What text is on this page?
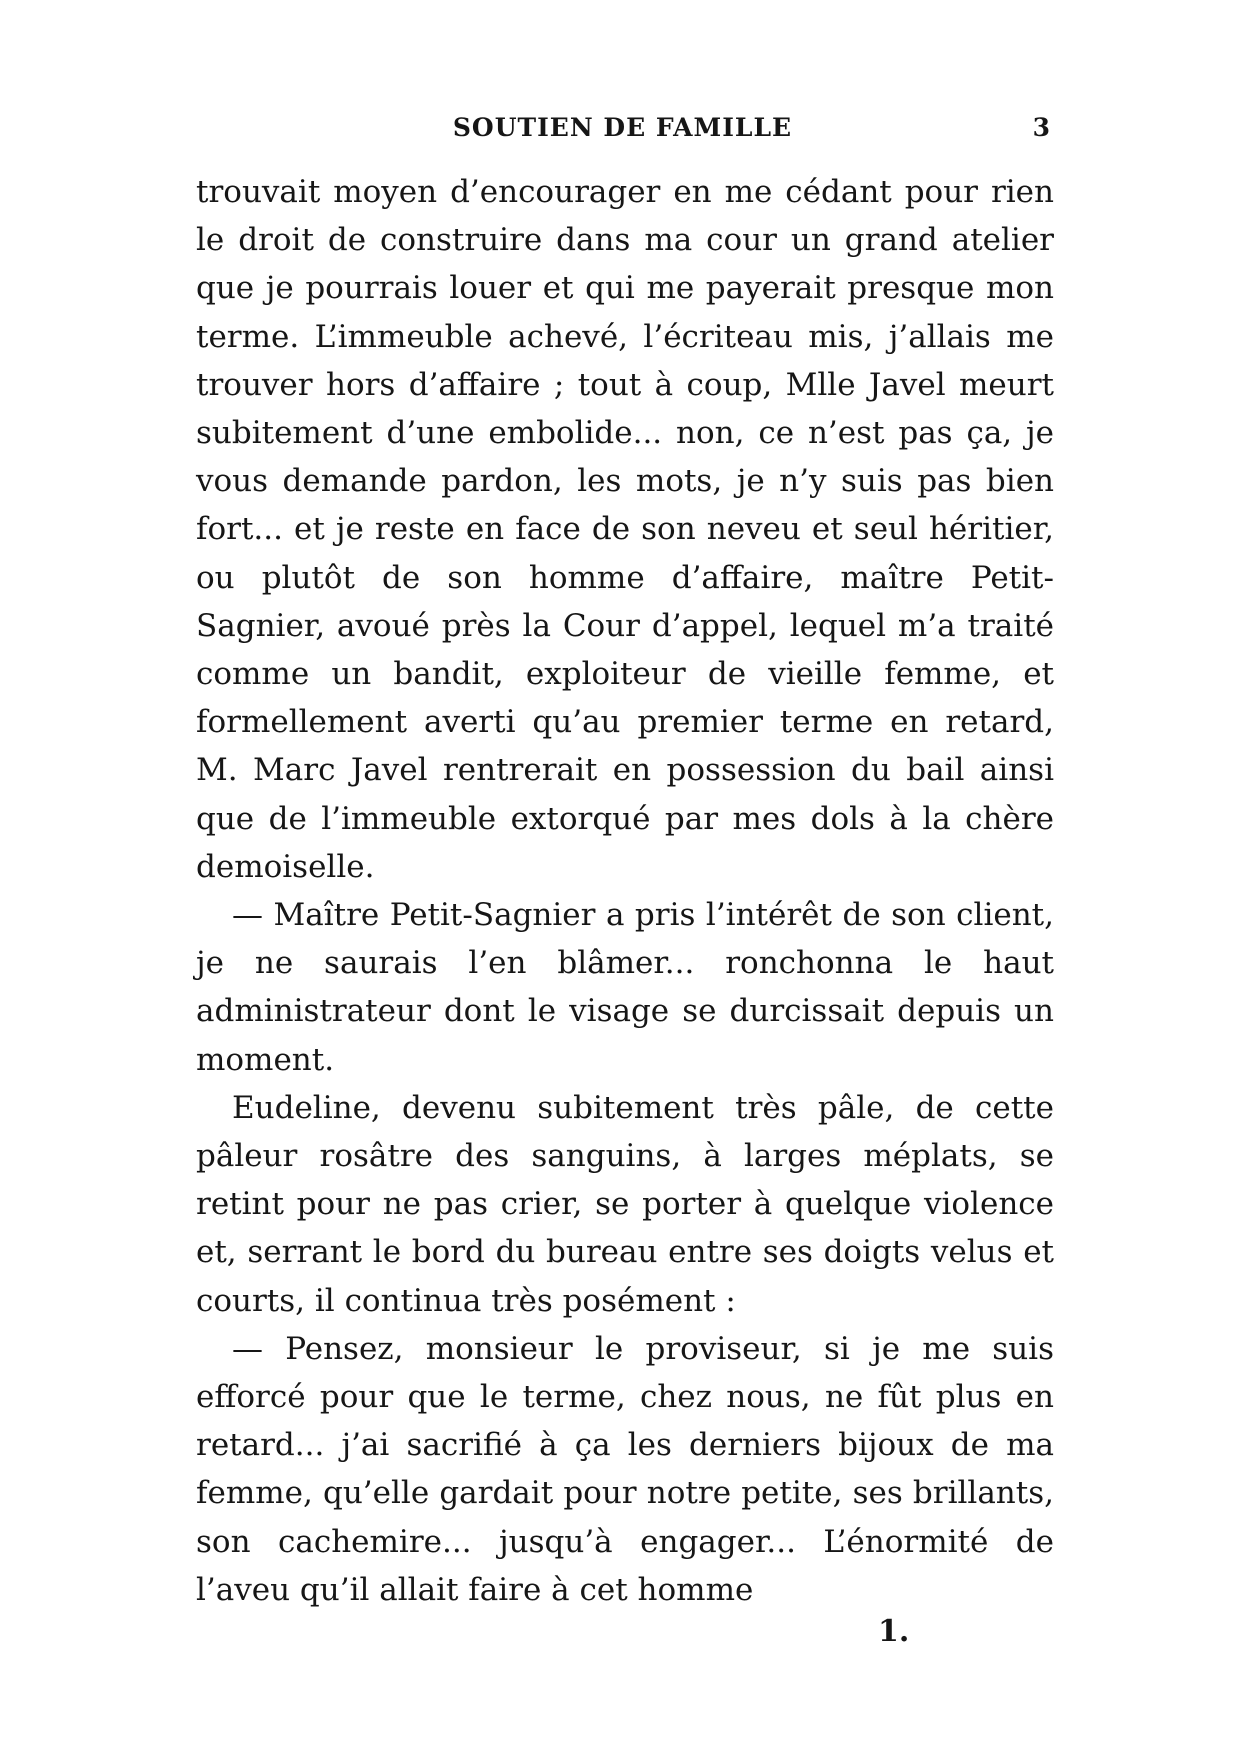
SOUTIEN DE FAMILLE	3

trouvait moyen d’encourager en me cédant pour rien le droit de construire dans ma cour un grand atelier que je pourrais louer et qui me payerait presque mon terme. L’immeuble achevé, l’écriteau mis, j’allais me trouver hors d’affaire ; tout à coup, Mlle Javel meurt subitement d’une embolide... non, ce n’est pas ça, je vous demande pardon, les mots, je n’y suis pas bien fort... et je reste en face de son neveu et seul héritier, ou plutôt de son homme d’affaire, maître Petit-Sagnier, avoué près la Cour d’appel, lequel m’a traité comme un bandit, exploiteur de vieille femme, et formellement averti qu’au premier terme en retard, M. Marc Javel rentrerait en possession du bail ainsi que de l’immeuble extorqué par mes dols à la chère demoiselle.

— Maître Petit-Sagnier a pris l’intérêt de son client, je ne saurais l’en blâmer... ronchonna le haut administrateur dont le visage se durcissait depuis un moment.

Eudeline, devenu subitement très pâle, de cette pâleur rosâtre des sanguins, à larges méplats, se retint pour ne pas crier, se porter à quelque violence et, serrant le bord du bureau entre ses doigts velus et courts, il continua très posément :

— Pensez, monsieur le proviseur, si je me suis efforcé pour que le terme, chez nous, ne fût plus en retard... j’ai sacrifié à ça les derniers bijoux de ma femme, qu’elle gardait pour notre petite, ses brillants, son cachemire... jusqu’à engager... L’énormité de l’aveu qu’il allait faire à cet homme

1.
